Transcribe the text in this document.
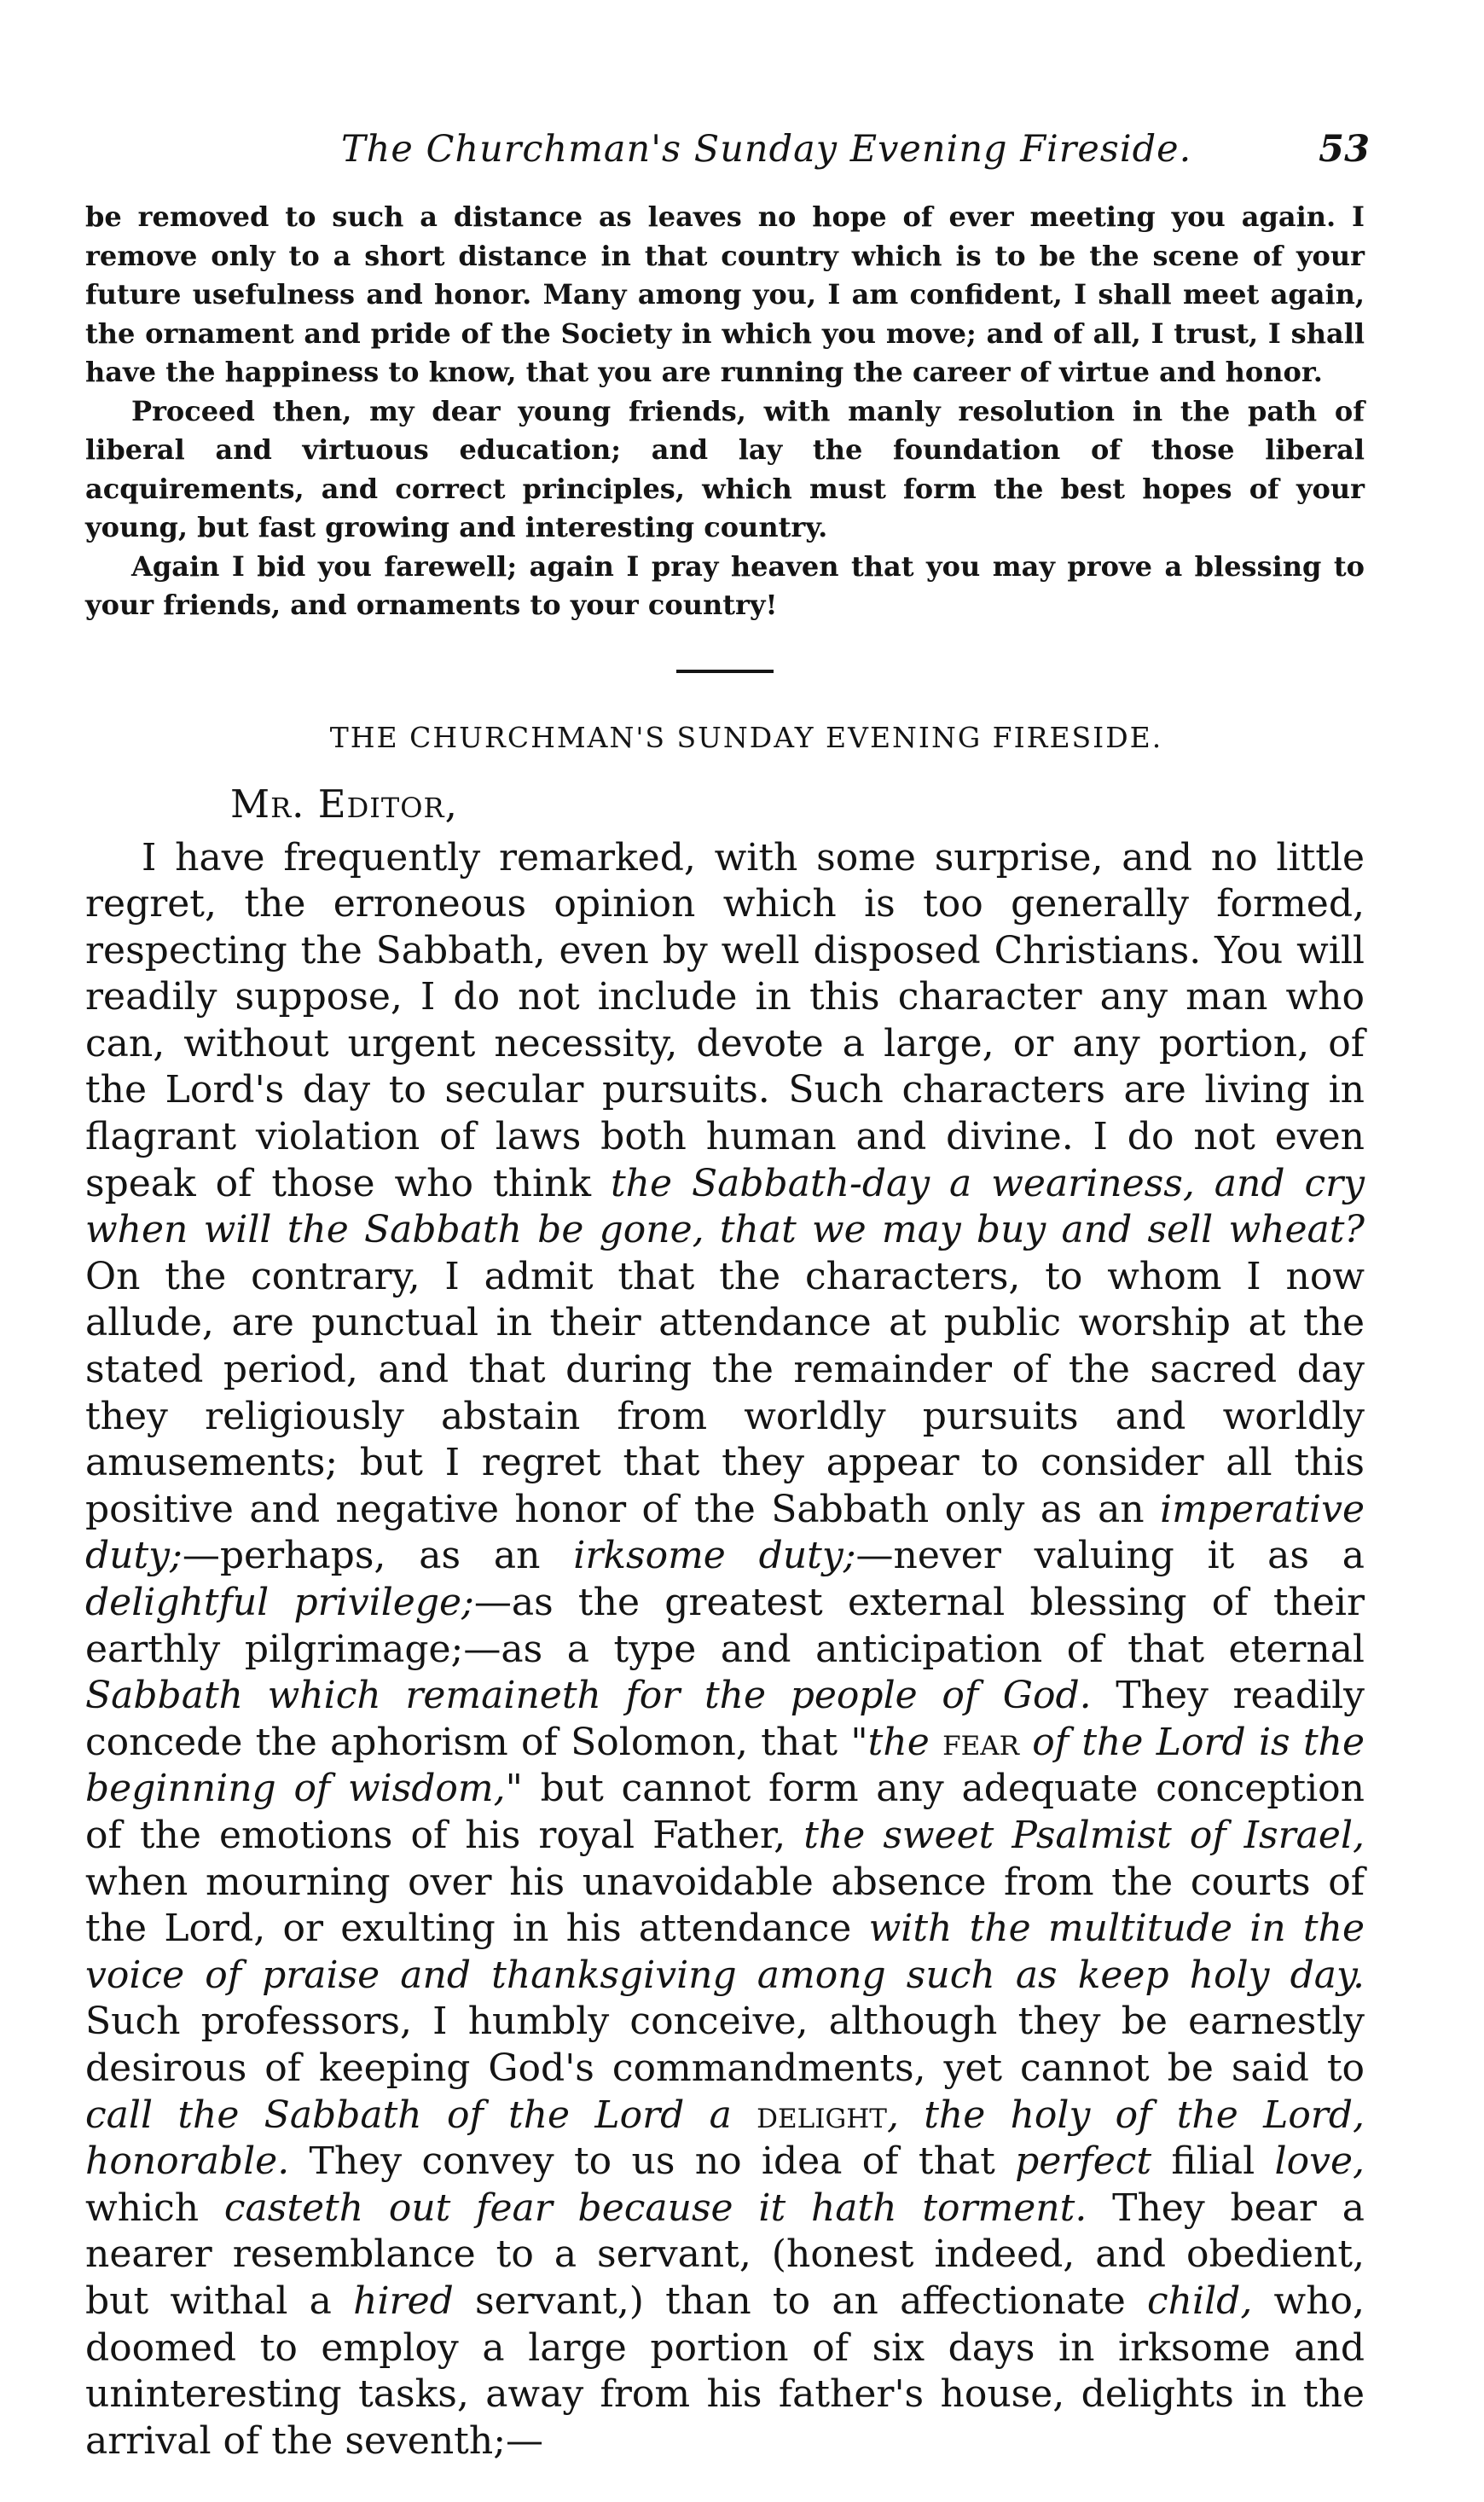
The Churchman's Sunday Evening Fireside.	53

be removed to such a distance as leaves no hope of ever meeting you again. I remove only to a short distance in that country which is to be the scene of your future usefulness and honor. Many among you, I am confident, I shall meet again, the ornament and pride of the Society in which you move; and of all, I trust, I shall have the happiness to know, that you are running the career of virtue and honor.

Proceed then, my dear young friends, with manly resolution in the path of liberal and virtuous education; and lay the foundation of those liberal acquirements, and correct principles, which must form the best hopes of your young, but fast growing and interesting country.

Again I bid you farewell; again I pray heaven that you may prove a blessing to your friends, and ornaments to your country!

THE CHURCHMAN'S SUNDAY EVENING FIRESIDE.
Mr. Editor,

I have frequently remarked, with some surprise, and no little regret, the erroneous opinion which is too generally formed, respecting the Sabbath, even by well disposed Christians. You will readily suppose, I do not include in this character any man who can, without urgent necessity, devote a large, or any portion, of the Lord's day to secular pursuits. Such characters are living in flagrant violation of laws both human and divine. I do not even speak of those who think the Sabbath-day a weariness, and cry when will the Sabbath be gone, that we may buy and sell wheat? On the contrary, I admit that the characters, to whom I now allude, are punctual in their attendance at public worship at the stated period, and that during the remainder of the sacred day they religiously abstain from worldly pursuits and worldly amusements; but I regret that they appear to consider all this positive and negative honor of the Sabbath only as an imperative duty;—perhaps, as an irksome duty;—never valuing it as a delightful privilege;—as the greatest external blessing of their earthly pilgrimage;—as a type and anticipation of that eternal Sabbath which remaineth for the people of God. They readily concede the aphorism of Solomon, that "the fear of the Lord is the beginning of wisdom," but cannot form any adequate conception of the emotions of his royal Father, the sweet Psalmist of Israel, when mourning over his unavoidable absence from the courts of the Lord, or exulting in his attendance with the multitude in the voice of praise and thanksgiving among such as keep holy day. Such professors, I humbly conceive, although they be earnestly desirous of keeping God's commandments, yet cannot be said to call the Sabbath of the Lord a delight, the holy of the Lord, honorable. They convey to us no idea of that perfect filial love, which casteth out fear because it hath torment. They bear a nearer resemblance to a servant, (honest indeed, and obedient, but withal a hired servant,) than to an affectionate child, who, doomed to employ a large portion of six days in irksome and uninteresting tasks, away from his father's house, delights in the arrival of the seventh;—
